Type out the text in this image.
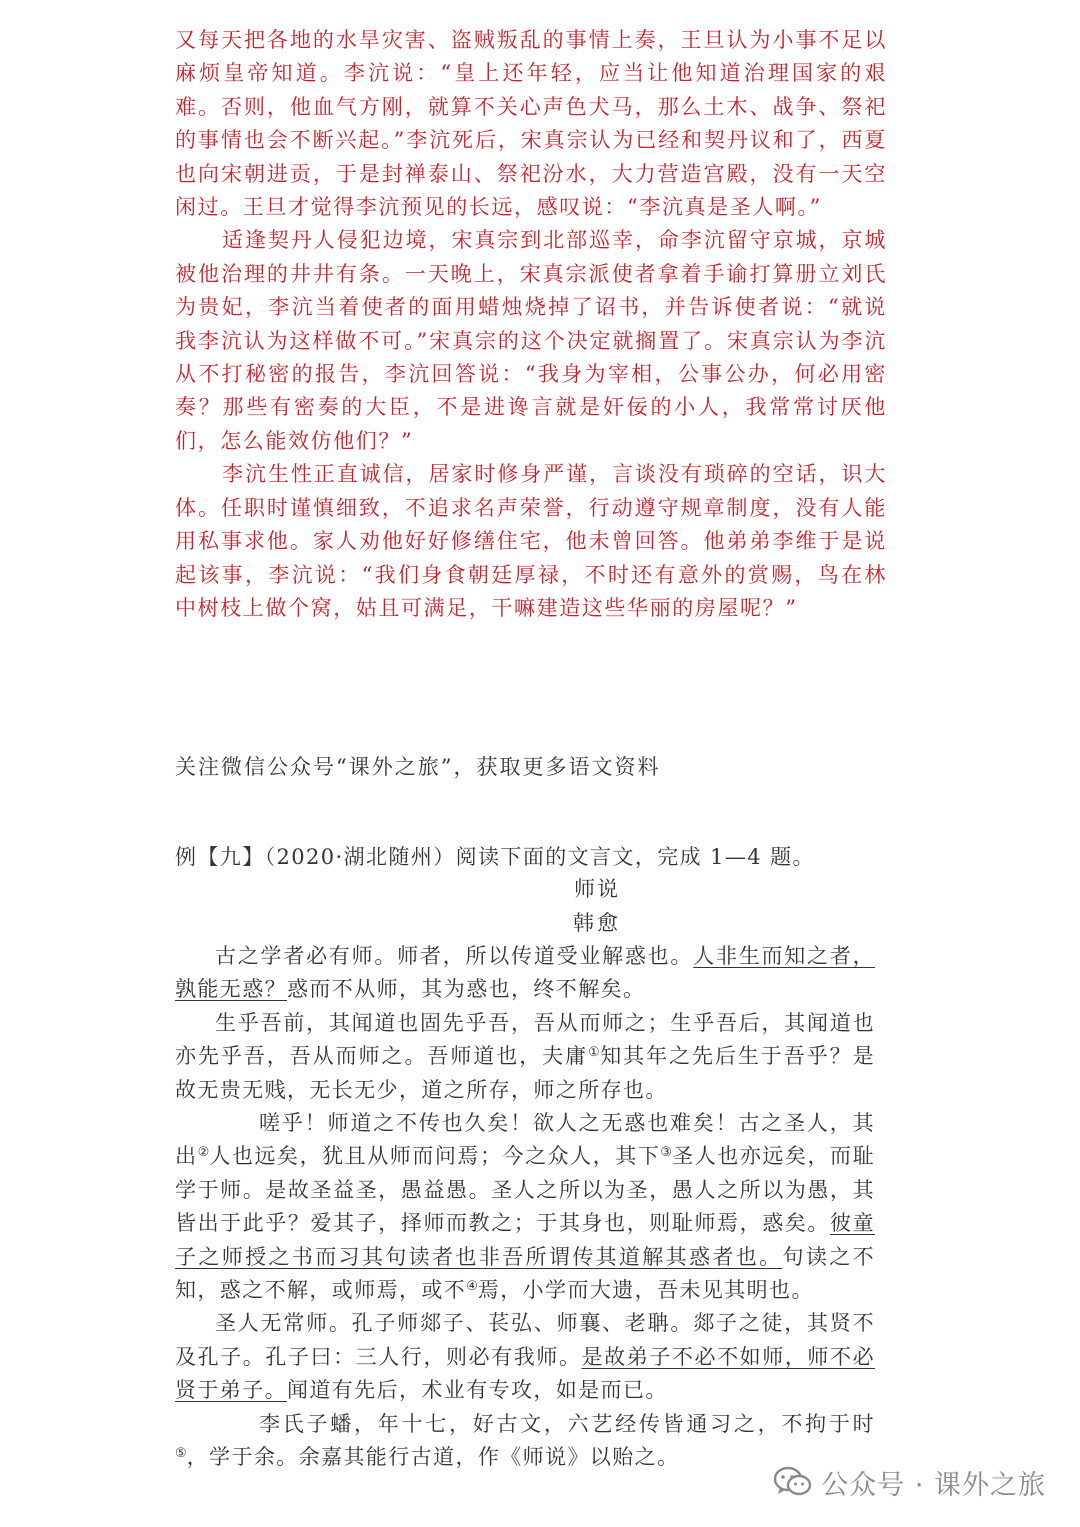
又每天把各地的水旱灾害、盗贼叛乱的事情上奏，王旦认为小事不足以麻烦皇帝知道。李沆说：“皇上还年轻，应当让他知道治理国家的艰难。否则，他血气方刚，就算不关心声色犬马，那么土木、战争、祭祀的事情也会不断兴起。”李沆死后，宋真宗认为已经和契丹议和了，西夏也向宋朝进贡，于是封禅泰山、祭祀汾水，大力营造宫殿，没有一天空闲过。王旦才觉得李沆预见的长远，感叹说：“李沆真是圣人啊。”

适逢契丹人侵犯边境，宋真宗到北部巡幸，命李沆留守京城，京城被他治理的井井有条。一天晚上，宋真宗派使者拿着手谕打算册立刘氏为贵妃，李沆当着使者的面用蜡烛烧掉了诏书，并告诉使者说：“就说我李沆认为这样做不可。”宋真宗的这个决定就搁置了。宋真宗认为李沆从不打秘密的报告，李沆回答说：“我身为宰相，公事公办，何必用密奏？那些有密奏的大臣，不是进谗言就是奸佞的小人，我常常讨厌他们，怎么能效仿他们？”

李沆生性正直诚信，居家时修身严谨，言谈没有琐碎的空话，识大体。任职时谨慎细致，不追求名声荣誉，行动遵守规章制度，没有人能用私事求他。家人劝他好好修缮住宅，他未曾回答。他弟弟李维于是说起该事，李沆说：“我们身食朝廷厚禄，不时还有意外的赏赐，鸟在林中树枝上做个窝，姑且可满足，干嘛建造这些华丽的房屋呢？”

关注微信公众号“课外之旅”，获取更多语文资料
例【九】（2020·湖北随州）阅读下面的文言文，完成 1—4 题。
师说
韩愈

古之学者必有师。师者，所以传道受业解惑也。人非生而知之者，孰能无惑？惑而不从师，其为惑也，终不解矣。

生乎吾前，其闻道也固先乎吾，吾从而师之；生乎吾后，其闻道也亦先乎吾，吾从而师之。吾师道也，夫庸①知其年之先后生于吾乎？是故无贵无贱，无长无少，道之所存，师之所存也。

嗟乎！师道之不传也久矣！欲人之无惑也难矣！古之圣人，其出②人也远矣，犹且从师而问焉；今之众人，其下③圣人也亦远矣，而耻学于师。是故圣益圣，愚益愚。圣人之所以为圣，愚人之所以为愚，其皆出于此乎？爱其子，择师而教之；于其身也，则耻师焉，惑矣。彼童子之师授之书而习其句读者也非吾所谓传其道解其惑者也。句读之不知，惑之不解，或师焉，或不④焉，小学而大遗，吾未见其明也。

圣人无常师。孔子师郯子、苌弘、师襄、老聃。郯子之徒，其贤不及孔子。孔子曰：三人行，则必有我师。是故弟子不必不如师，师不必贤于弟子。闻道有先后，术业有专攻，如是而已。

李氏子蟠，年十七，好古文，六艺经传皆通习之，不拘于时⑤，学于余。余嘉其能行古道，作《师说》以贻之。

公众号 · 课外之旅
